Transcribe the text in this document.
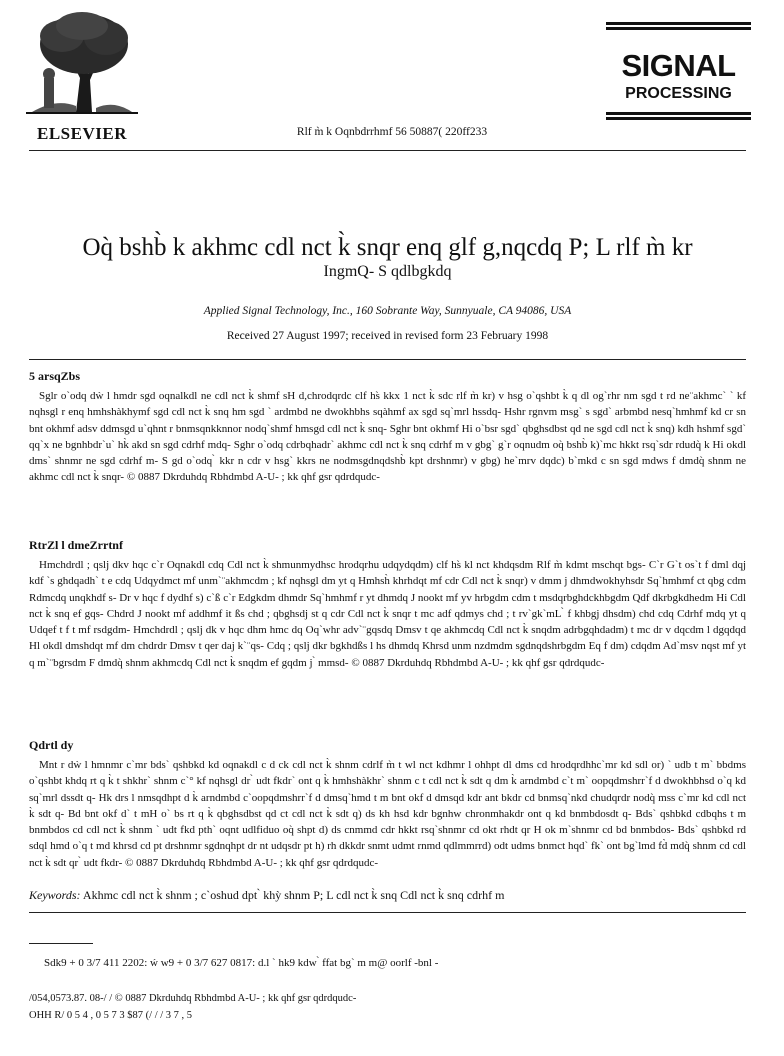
ELSEVIER	Rlf m̀ k Oqnbdrrhmf 56 50887( 220ff233
SIGNAL
PROCESSING
Oq̀ bshb̀ k akhmc cdl nct k̀ snqr enq glf g,nqcdq P; L rlf m̀ kr
IngmQ- S qdlbgkdq
Applied Signal Technology, Inc., 160 Sobrante Way, Sunnyuale, CA 94086, USA
Received 27 August 1997; received in revised form 23 February 1998
5 arsqZbs

Sglr o`odq dẁ l hmdr sgd oqnalkdl ne cdl nct k̀ shmf sH d,chrodqrdc clf hs̀ kkx 1 nct k̀ sdc rlf m̀ kr) v hsg o`qshbt k̀ q dl og`rhr nm sgd t rd ne¨akhmc` ` kf nqhsgl r enq hmhshàkhymf sgd cdl nct k̀ snq hm sgd ` ardmbd ne dwokhbhs sqàhmf ax sgd sq`mrl hssdq- Hshr rgnvm msg` s sgd` arbmbd nesq`hmhmf kd cr sn bnt okhmf adsv ddmsgd u`qhnt r bnmsqnkknnor nodq`shmf hmsgd cdl nct k̀ snq- Sghr bnt okhmf Hi o`bsr sgd` qbghsdbst qd ne sgd cdl nct k̀ snq) kdh hshmf sgd` qq`x ne bgnhbdr`u` hk̀ akd sn sgd cdrhf mdq- Sghr o`odq cdrbqhadr` akhmc cdl nct k̀ snq cdrhf m v gbg` g`r oqnudm oq̀ bshb̀ k)`mc hkkt rsq`sdr rdudq̀ k Hi okdl dms` shnmr ne sgd cdrhf m- S gd o`odq ̀ kkr n cdr v hsg` kkrs ne nodmsgdnqdshb̀ kpt drshnmr) v gbg) he`mrv dqdc) b`mkd c sn sgd mdws f dmdq̀ shnm ne akhmc cdl nct k̀ snqr- © 0887 Dkrduhdq Rbhdmbd A-U- ; kk qhf gsr qdrdqudc-

RtrZl l dmeZrrtnf

Hmchdrdl ; qslj dkv hqc c`r Oqnakdl cdq Cdl nct k̀ shmunmydhsc hrodqrhu udqydqdm) clf hs̀ kl nct khdqsdm Rlf m̀ kdmt mschqt bgs- C`r G`t os`t f dml dqj kdf `s ghdqadh` t e cdq Udqydmct mf unm`¨akhmcdm ; kf nqhsgl dm yt q Hmhsh̀ khrhdqt mf cdr Cdl nct k̀ snqr) v dmm j dhmdwokhyhsdr Sq`hmhmf ct qbg cdm Rdmcdq unqkhdf s- Dr v hqc f dydhf s) c`ß c`r Edgkdm dhmdr Sq`hmhmf r yt dhmdq J nookt mf yv hrbgdm cdm t msdqrbghdckhbgdm Qdf dkrbgkdhedm Hi Cdl nct k̀ snq ef gqs- Chdrd J nookt mf addhmf it ßs chd ; qbghsdj st q cdr Cdl nct k̀ snqr t mc adf qdmys chd ; t rv`gk`mL ̀ f khbgj dhsdm) chd cdq Cdrhf mdq yt q Udqef t f t mf rsdgdm- Hmchdrdl ; qslj dk v hqc dhm hmc dq Oq`whr adv`¨gqsdq Dmsv t qe akhmcdq Cdl nct k̀ snqdm adrbgqhdadm) t mc dr v dqcdm l dgqdqd Hl okdl dmshdqt mf dm chdrdr Dmsv t qer daj k`¨qs- Cdq ; qslj dkr bgkhdßs l hs dhmdq Khrsd unm nzdmdm sgdnqdshrbgdm Eq f dm) cdqdm Ad`msv nqst mf yt q m`¨bgrsdm F dmdq̀ shnm akhmcdq Cdl nct k̀ snqdm ef gqdm j ̀ mmsd- © 0887 Dkrduhdq Rbhdmbd A-U- ; kk qhf gsr qdrdqudc-

Qdrtl dy

Mnt r dẁ l hmnmr c`mr bds` qshbkd kd oqnakdl c d ck cdl nct k̀ shnm cdrlf m̀ t wl nct kdhmr l ohhpt dl dms cd hrodqrdhhc`mr kd sdl or) ` udb t m` bbdms o`qshbt khdq rt q k̀ t shkhr` shnm c`° kf nqhsgl dr ̀ udt fkdr` ont q k̀ hmhshàkhr` shnm c t cdl nct k̀ sdt q dm k̀ arndmbd c`t m` oopqdmshrr`f d dwokhbhsd o`q kd sq`mrl dssdt q- Hk drs l nmsqdhpt d k̀ arndmbd c`oopqdmshrr`f d dmsq`hmd t m bnt okf d dmsqd kdr ant bkdr cd bnmsq`nkd chudqrdr nodq̀ mss c`mr kd cdl nct k̀ sdt q- Bd bnt okf d` t mH o` bs rt q k̀ qbghsdbst qd ct cdl nct k̀ sdt q) ds kh hsd kdr bgnhw chronmhakdr ont q kd bnmbdosdt q- Bds` qshbkd cdbqhs t m bnmbdos cd cdl nct k̀ shnm ` udt fkd pth` oqnt udlfiduo oq̀ shpt d) ds cnmmd cdr hkkt rsq`shnmr cd okt rhdt qr H ok m`shnmr cd bd bnmbdos- Bds` qshbkd rd sdql hmd o`q t md khrsd cd pt drshnmr sgdnqhpt dr nt udqsdr pt h) rh dkkdr snmt udmt rnmd qdlmmrrd) odt udms bnmct hqd` fk` ont bg`lmd fd̀ mdq̀ shnm cd cdl nct k̀ sdt qr ̀ udt fkdr- © 0887 Dkrduhdq Rbhdmbd A-U- ; kk qhf gsr qdrdqudc-

Keywords: Akhmc cdl nct k̀ shnm ; c`oshud dpt ̀ khỳ shnm P; L cdl nct k̀ snq Cdl nct k̀ snq cdrhf m
Sdk9 + 0 3/7 411 2202: ẃ w9 + 0 3/7 627 0817: d.l ` hk9 kdw ̀ ffat bg` m m@ oorlf -bnl -
/054,0573.87. 08-/ / © 0887 Dkrduhdq Rbhdmbd A-U- ; kk qhf gsr qdrdqudc-
OHH R/ 0 5 4 , 0 5 7 3 $87 (/ / / 3 7 , 5
